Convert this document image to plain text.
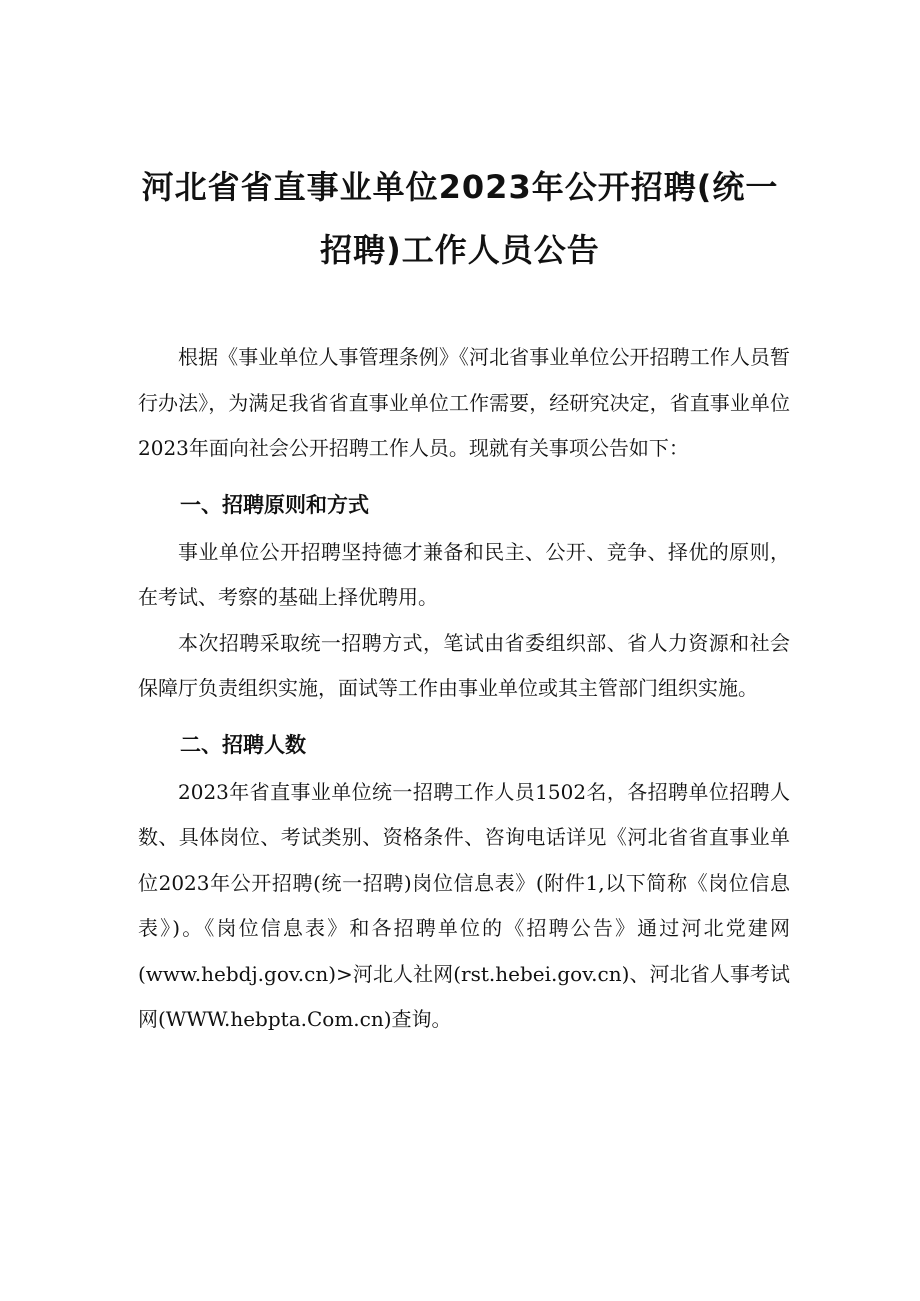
河北省省直事业单位2023年公开招聘(统一
招聘)工作人员公告

根据《事业单位人事管理条例》《河北省事业单位公开招聘工作人员暂行办法》，为满足我省省直事业单位工作需要，经研究决定，省直事业单位2023年面向社会公开招聘工作人员。现就有关事项公告如下：

一、招聘原则和方式

事业单位公开招聘坚持德才兼备和民主、公开、竞争、择优的原则，在考试、考察的基础上择优聘用。

本次招聘采取统一招聘方式，笔试由省委组织部、省人力资源和社会保障厅负责组织实施，面试等工作由事业单位或其主管部门组织实施。

二、招聘人数

2023年省直事业单位统一招聘工作人员1502名，各招聘单位招聘人数、具体岗位、考试类别、资格条件、咨询电话详见《河北省省直事业单位2023年公开招聘(统一招聘)岗位信息表》(附件1,以下简称《岗位信息表》)。《岗位信息表》和各招聘单位的《招聘公告》通过河北党建网(www.hebdj.gov.cn)>河北人社网(rst.hebei.gov.cn)、河北省人事考试网(WWW.hebpta.Com.cn)查询。
